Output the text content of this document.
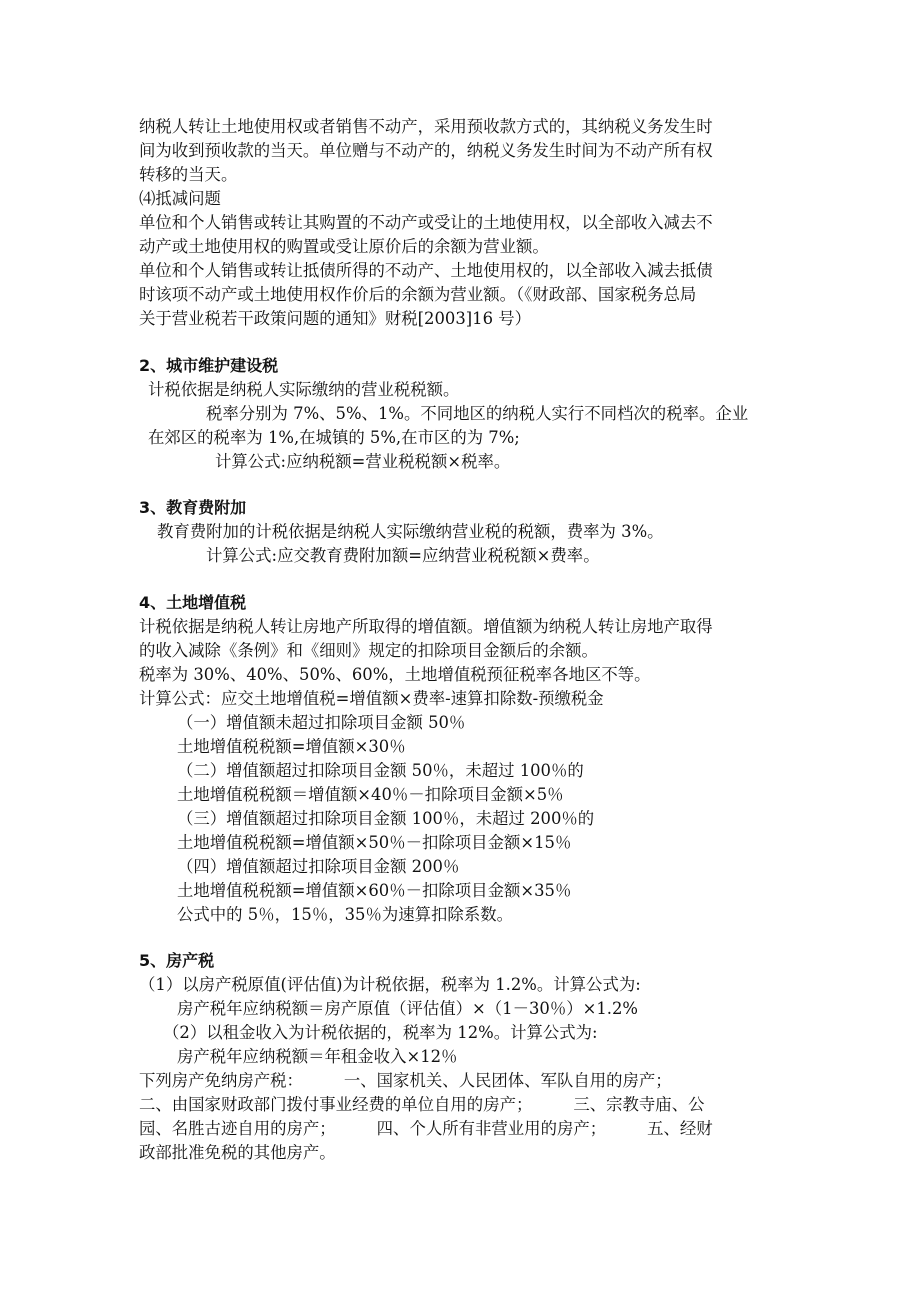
纳税人转让土地使用权或者销售不动产，采用预收款方式的，其纳税义务发生时
间为收到预收款的当天。单位赠与不动产的，纳税义务发生时间为不动产所有权
转移的当天。
⑷抵减问题
单位和个人销售或转让其购置的不动产或受让的土地使用权，以全部收入减去不
动产或土地使用权的购置或受让原价后的余额为营业额。
单位和个人销售或转让抵债所得的不动产、土地使用权的，以全部收入减去抵债
时该项不动产或土地使用权作价后的余额为营业额。（《财政部、国家税务总局
关于营业税若干政策问题的通知》财税[2003]16 号）
2、城市维护建设税
计税依据是纳税人实际缴纳的营业税税额。
税率分别为 7%、5%、1%。不同地区的纳税人实行不同档次的税率。企业
在郊区的税率为 1%,在城镇的 5%,在市区的为 7%;
计算公式:应纳税额=营业税税额×税率。
3、教育费附加
教育费附加的计税依据是纳税人实际缴纳营业税的税额，费率为 3%。
计算公式:应交教育费附加额=应纳营业税税额×费率。
4、土地增值税
计税依据是纳税人转让房地产所取得的增值额。增值额为纳税人转让房地产取得
的收入减除《条例》和《细则》规定的扣除项目金额后的余额。
税率为 30%、40%、50%、60%，土地增值税预征税率各地区不等。
计算公式：应交土地增值税=增值额×费率-速算扣除数-预缴税金
（一）增值额未超过扣除项目金额 50％
土地增值税税额=增值额×30％
（二）增值额超过扣除项目金额 50％，未超过 100％的
土地增值税税额＝增值额×40％－扣除项目金额×5％
（三）增值额超过扣除项目金额 100％，未超过 200％的
土地增值税税额=增值额×50％－扣除项目金额×15％
（四）增值额超过扣除项目金额 200％
土地增值税税额=增值额×60％－扣除项目金额×35％
公式中的 5％，15％，35％为速算扣除系数。
5、房产税
（1）以房产税原值(评估值)为计税依据，税率为 1.2%。计算公式为:
房产税年应纳税额＝房产原值（评估值）×（1－30％）×1.2%
（2）以租金收入为计税依据的，税率为 12%。计算公式为:
房产税年应纳税额＝年租金收入×12％
下列房产免纳房产税：　　　一、国家机关、人民团体、军队自用的房产；
二、由国家财政部门拨付事业经费的单位自用的房产；　　　三、宗教寺庙、公
园、名胜古迹自用的房产；　　　四、个人所有非营业用的房产；　　　五、经财
政部批准免税的其他房产。
